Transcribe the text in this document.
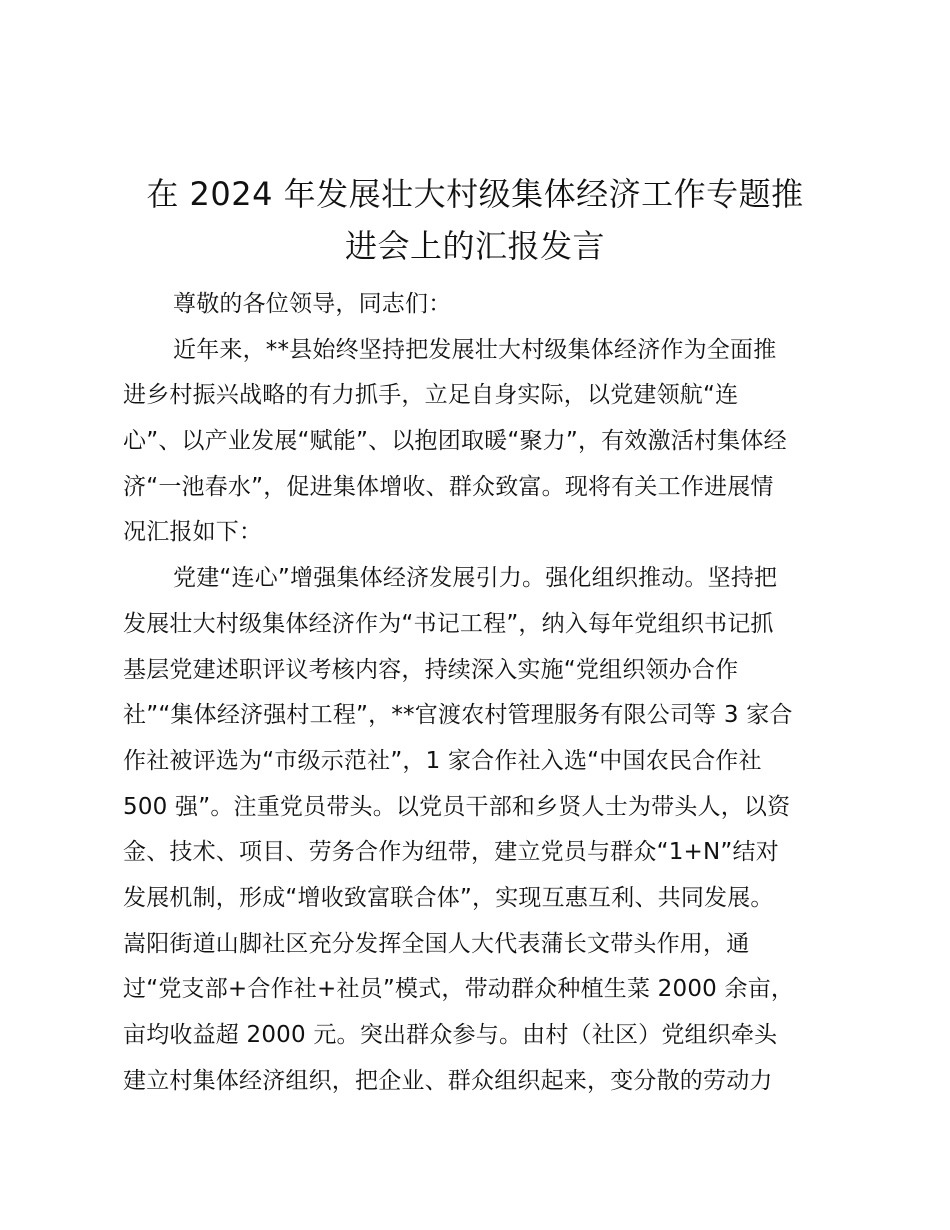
在 2024 年发展壮大村级集体经济工作专题推
进会上的汇报发言
尊敬的各位领导，同志们：
近年来，**县始终坚持把发展壮大村级集体经济作为全面推
进乡村振兴战略的有力抓手，立足自身实际，以党建领航“连
心”、以产业发展“赋能”、以抱团取暖“聚力”，有效激活村集体经
济“一池春水”，促进集体增收、群众致富。现将有关工作进展情
况汇报如下：
党建“连心”增强集体经济发展引力。强化组织推动。坚持把
发展壮大村级集体经济作为“书记工程”，纳入每年党组织书记抓
基层党建述职评议考核内容，持续深入实施“党组织领办合作
社”“集体经济强村工程”，**官渡农村管理服务有限公司等 3 家合
作社被评选为“市级示范社”，1 家合作社入选“中国农民合作社
500 强”。注重党员带头。以党员干部和乡贤人士为带头人，以资
金、技术、项目、劳务合作为纽带，建立党员与群众“1+N”结对
发展机制，形成“增收致富联合体”，实现互惠互利、共同发展。
嵩阳街道山脚社区充分发挥全国人大代表蒲长文带头作用，通
过“党支部+合作社+社员”模式，带动群众种植生菜 2000 余亩，
亩均收益超 2000 元。突出群众参与。由村（社区）党组织牵头
建立村集体经济组织，把企业、群众组织起来，变分散的劳动力
